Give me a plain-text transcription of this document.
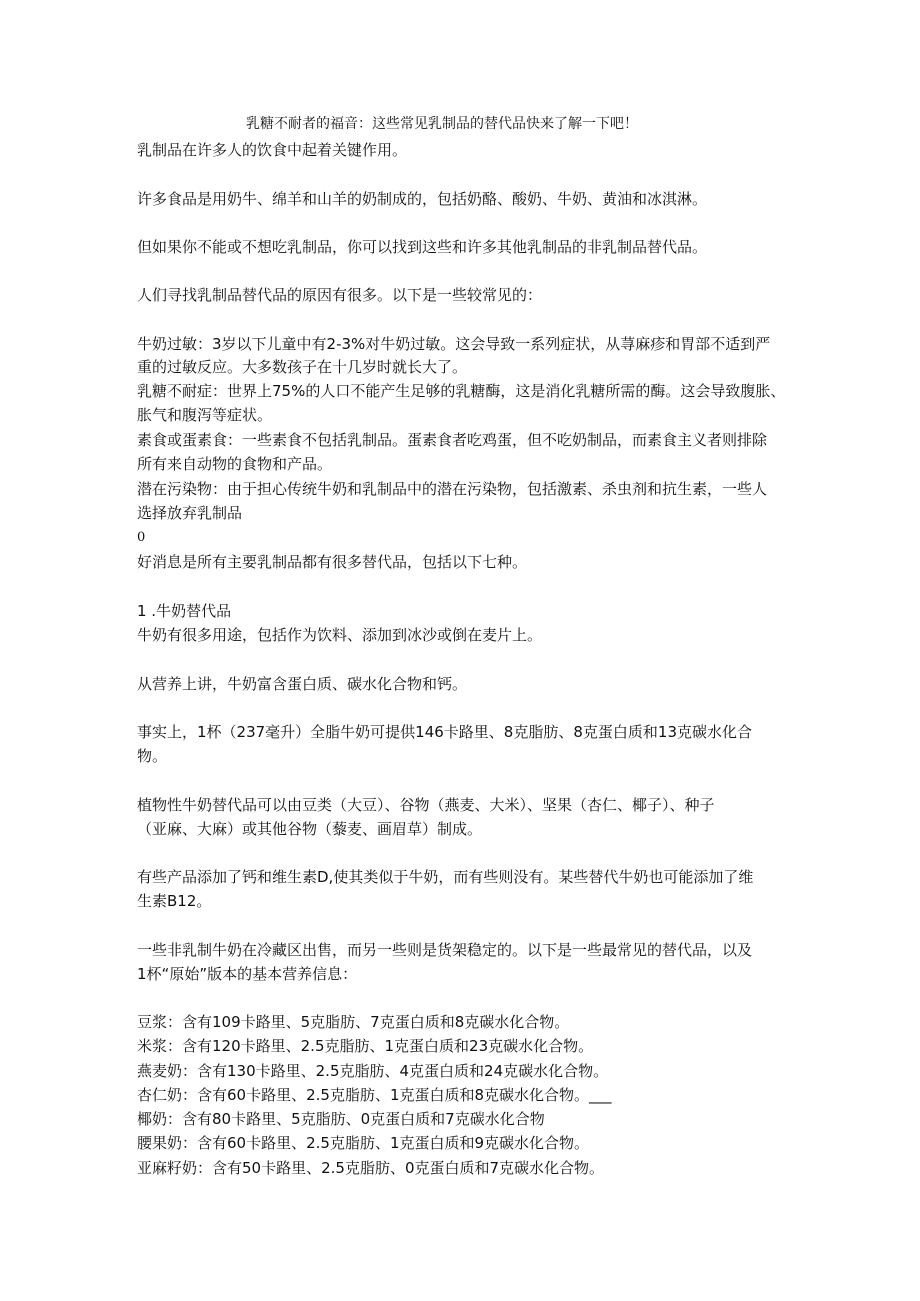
乳糖不耐者的福音：这些常见乳制品的替代品快来了解一下吧！
乳制品在许多人的饮食中起着关键作用。
许多食品是用奶牛、绵羊和山羊的奶制成的，包括奶酪、酸奶、牛奶、黄油和冰淇淋。
但如果你不能或不想吃乳制品，你可以找到这些和许多其他乳制品的非乳制品替代品。
人们寻找乳制品替代品的原因有很多。以下是一些较常见的：
牛奶过敏：3岁以下儿童中有2-3%对牛奶过敏。这会导致一系列症状，从荨麻疹和胃部不适到严
重的过敏反应。大多数孩子在十几岁时就长大了。
乳糖不耐症：世界上75%的人口不能产生足够的乳糖酶，这是消化乳糖所需的酶。这会导致腹胀、
胀气和腹泻等症状。
素食或蛋素食：一些素食不包括乳制品。蛋素食者吃鸡蛋，但不吃奶制品，而素食主义者则排除
所有来自动物的食物和产品。
潜在污染物：由于担心传统牛奶和乳制品中的潜在污染物，包括激素、杀虫剂和抗生素，一些人
选择放弃乳制品
0
好消息是所有主要乳制品都有很多替代品，包括以下七种。
1 .牛奶替代品
牛奶有很多用途，包括作为饮料、添加到冰沙或倒在麦片上。
从营养上讲，牛奶富含蛋白质、碳水化合物和钙。
事实上，1杯（237毫升）全脂牛奶可提供146卡路里、8克脂肪、8克蛋白质和13克碳水化合
物。
植物性牛奶替代品可以由豆类（大豆）、谷物（燕麦、大米）、坚果（杏仁、椰子）、种子
（亚麻、大麻）或其他谷物（藜麦、画眉草）制成。
有些产品添加了钙和维生素D,使其类似于牛奶，而有些则没有。某些替代牛奶也可能添加了维
生素B12。
一些非乳制牛奶在冷藏区出售，而另一些则是货架稳定的。以下是一些最常见的替代品，以及
1杯“原始”版本的基本营养信息：
豆浆：含有109卡路里、5克脂肪、7克蛋白质和8克碳水化合物。
米浆：含有120卡路里、2.5克脂肪、1克蛋白质和23克碳水化合物。
燕麦奶：含有130卡路里、2.5克脂肪、4克蛋白质和24克碳水化合物。
杏仁奶：含有60卡路里、2.5克脂肪、1克蛋白质和8克碳水化合物。___
椰奶：含有80卡路里、5克脂肪、0克蛋白质和7克碳水化合物
腰果奶：含有60卡路里、2.5克脂肪、1克蛋白质和9克碳水化合物。
亚麻籽奶：含有50卡路里、2.5克脂肪、0克蛋白质和7克碳水化合物。
